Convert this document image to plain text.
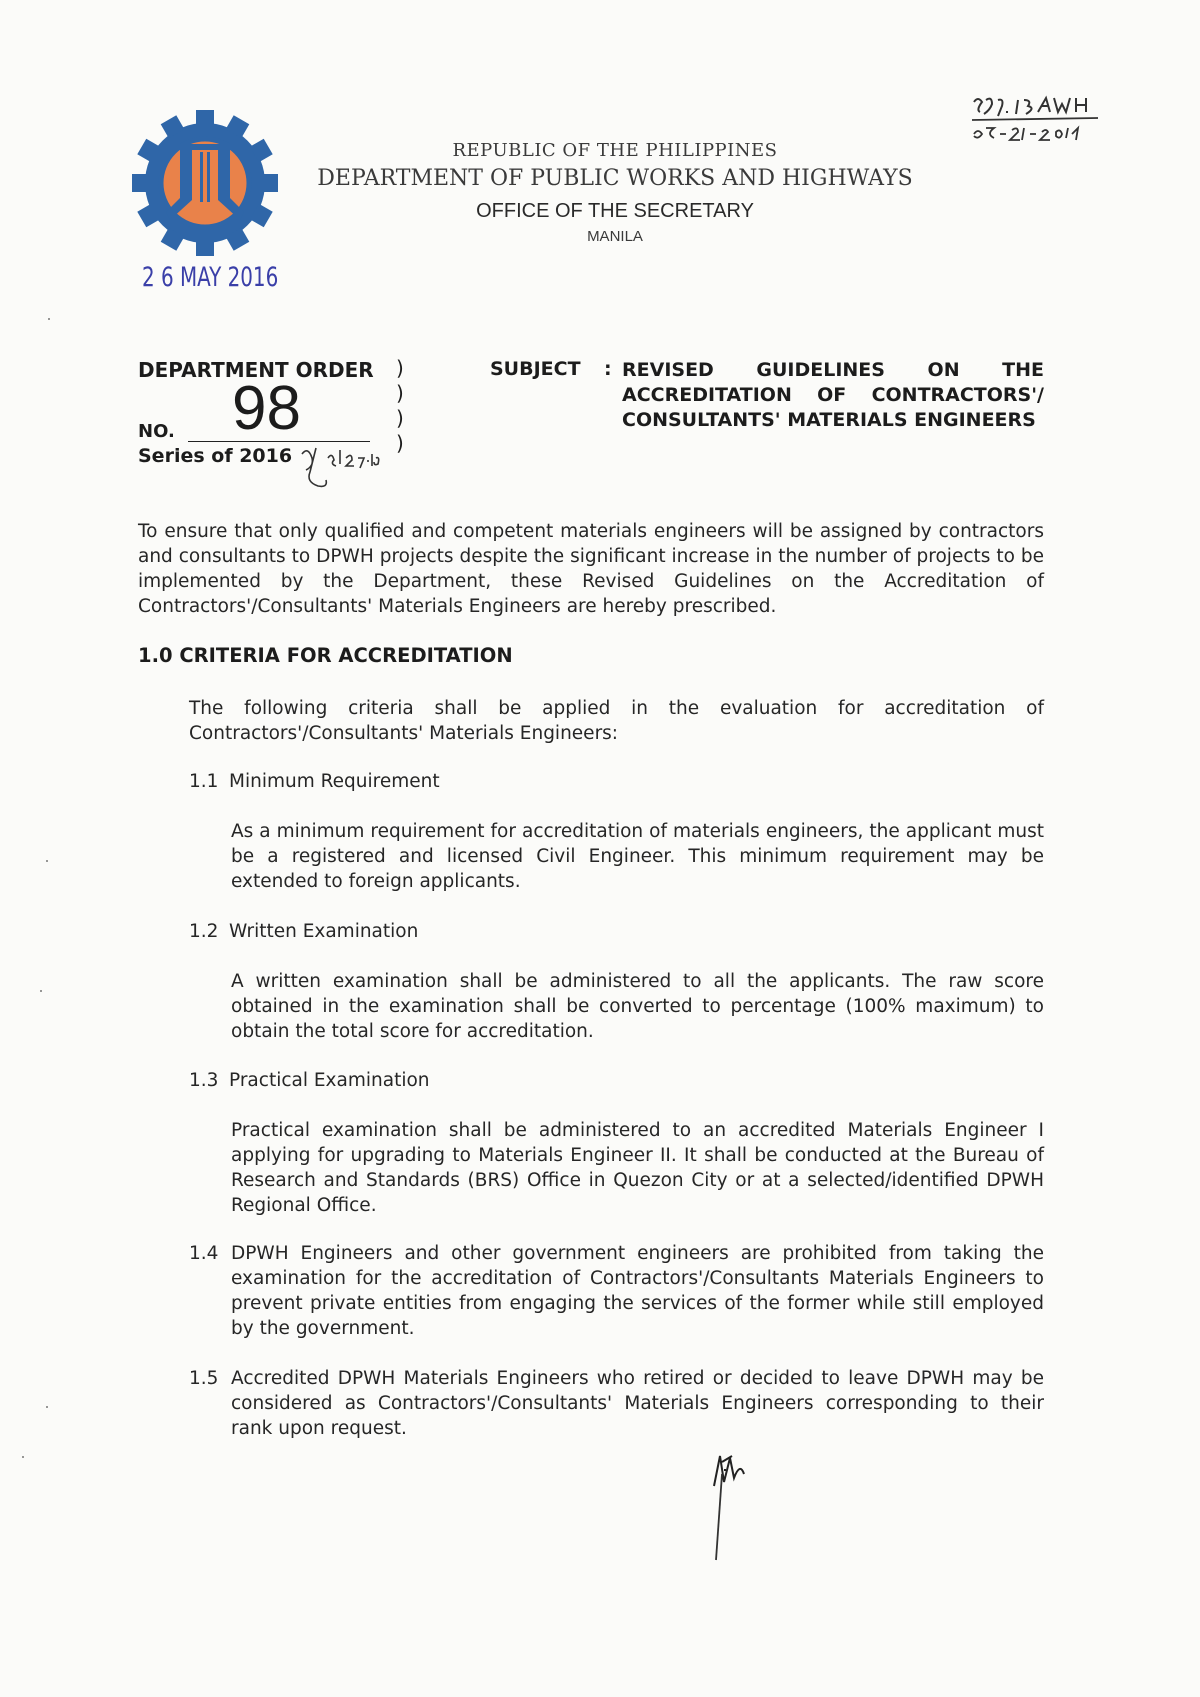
REPUBLIC OF THE PHILIPPINES
DEPARTMENT OF PUBLIC WORKS AND HIGHWAYS
OFFICE OF THE SECRETARY
MANILA
2 6 MAY 2016
DEPARTMENT ORDER
98
NO.
Series of 2016
)
)
)
)
SUBJECT : REVISED GUIDELINES ON THE
ACCREDITATION OF CONTRACTORS'/
CONSULTANTS' MATERIALS ENGINEERS
To ensure that only qualified and competent materials engineers will be assigned by contractors and consultants to DPWH projects despite the significant increase in the number of projects to be implemented by the Department, these Revised Guidelines on the Accreditation of Contractors'/Consultants' Materials Engineers are hereby prescribed.
1.0 CRITERIA FOR ACCREDITATION
The following criteria shall be applied in the evaluation for accreditation of Contractors'/Consultants' Materials Engineers:
1.1 Minimum Requirement
As a minimum requirement for accreditation of materials engineers, the applicant must be a registered and licensed Civil Engineer. This minimum requirement may be extended to foreign applicants.
1.2 Written Examination
A written examination shall be administered to all the applicants. The raw score obtained in the examination shall be converted to percentage (100% maximum) to obtain the total score for accreditation.
1.3 Practical Examination
Practical examination shall be administered to an accredited Materials Engineer I applying for upgrading to Materials Engineer II. It shall be conducted at the Bureau of Research and Standards (BRS) Office in Quezon City or at a selected/identified DPWH Regional Office.
1.4 DPWH Engineers and other government engineers are prohibited from taking the examination for the accreditation of Contractors'/Consultants Materials Engineers to prevent private entities from engaging the services of the former while still employed by the government.
1.5 Accredited DPWH Materials Engineers who retired or decided to leave DPWH may be considered as Contractors'/Consultants' Materials Engineers corresponding to their rank upon request.
